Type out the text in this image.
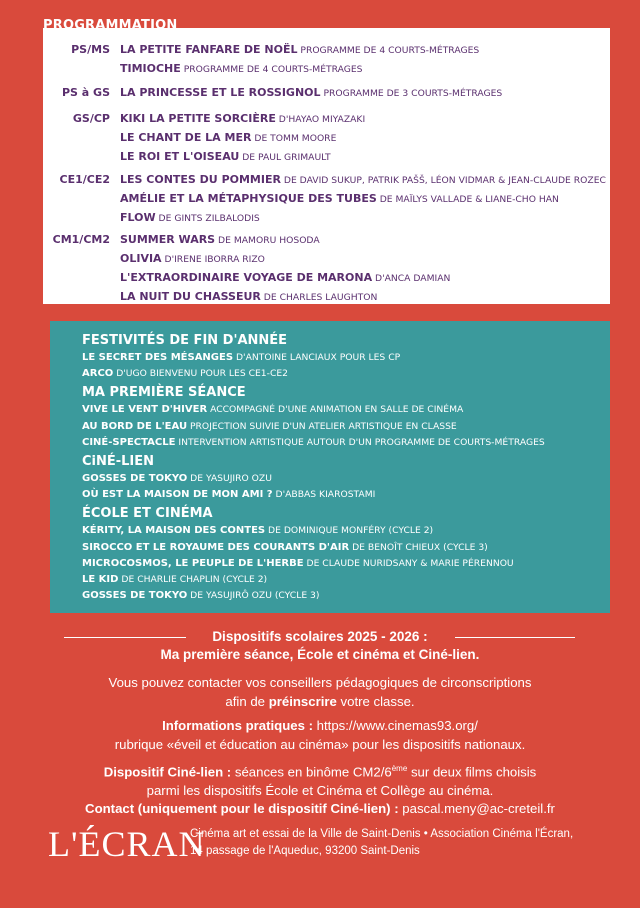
PROGRAMMATION
PS/MS LA PETITE FANFARE DE NOËL PROGRAMME DE 4 COURTS-MÉTRAGES
TIMIOCHE PROGRAMME DE 4 COURTS-MÉTRAGES
PS à GS LA PRINCESSE ET LE ROSSIGNOL PROGRAMME DE 3 COURTS-MÉTRAGES
GS/CP KIKI LA PETITE SORCIÈRE D'HAYAO MIYAZAKI
LE CHANT DE LA MER DE TOMM MOORE
LE ROI ET L'OISEAU DE PAUL GRIMAULT
CE1/CE2 LES CONTES DU POMMIER DE DAVID SUKUP, PATRIK PAŠŠ, LÉON VIDMAR & JEAN-CLAUDE ROZEC
AMÉLIE ET LA MÉTAPHYSIQUE DES TUBES DE MAÏLYS VALLADE & LIANE-CHO HAN
FLOW DE GINTS ZILBALODIS
CM1/CM2 SUMMER WARS DE MAMORU HOSODA
OLIVIA D'IRENE IBORRA RIZO
L'EXTRAORDINAIRE VOYAGE DE MARONA D'ANCA DAMIAN
LA NUIT DU CHASSEUR DE CHARLES LAUGHTON
FESTIVITÉS DE FIN D'ANNÉE
LE SECRET DES MÉSANGES D'ANTOINE LANCIAUX POUR LES CP
ARCO D'UGO BIENVENU POUR LES CE1-CE2
MA PREMIÈRE SÉANCE
VIVE LE VENT D'HIVER ACCOMPAGNÉ D'UNE ANIMATION EN SALLE DE CINÉMA
AU BORD DE L'EAU PROJECTION SUIVIE D'UN ATELIER ARTISTIQUE EN CLASSE
CINÉ-SPECTACLE INTERVENTION ARTISTIQUE AUTOUR D'UN PROGRAMME DE COURTS-MÉTRAGES
CiNÉ-LIEN
GOSSES DE TOKYO DE YASUJIRO OZU
OÙ EST LA MAISON DE MON AMI ? D'ABBAS KIAROSTAMI
ÉCOLE ET CINÉMA
KÉRITY, LA MAISON DES CONTES DE DOMINIQUE MONFÉRY (CYCLE 2)
SIROCCO ET LE ROYAUME DES COURANTS D'AIR DE BENOÎT CHIEUX (CYCLE 3)
MICROCOSMOS, LE PEUPLE DE L'HERBE DE CLAUDE NURIDSANY & MARIE PÉRENNOU
LE KID DE CHARLIE CHAPLIN (CYCLE 2)
GOSSES DE TOKYO DE YASUJIRÔ OZU (CYCLE 3)
Dispositifs scolaires 2025 - 2026 :
Ma première séance, École et cinéma et Ciné-lien.
Vous pouvez contacter vos conseillers pédagogiques de circonscriptions
afin de préinscrire votre classe.
Informations pratiques : https://www.cinemas93.org/
rubrique «éveil et éducation au cinéma» pour les dispositifs nationaux.
Dispositif Ciné-lien : séances en binôme CM2/6ème sur deux films choisis
parmi les dispositifs École et Cinéma et Collège au cinéma.
Contact (uniquement pour le dispositif Ciné-lien) : pascal.meny@ac-creteil.fr
L'ÉCRAN
Cinéma art et essai de la Ville de Saint-Denis • Association Cinéma l'Écran,
14 passage de l'Aqueduc, 93200 Saint-Denis
